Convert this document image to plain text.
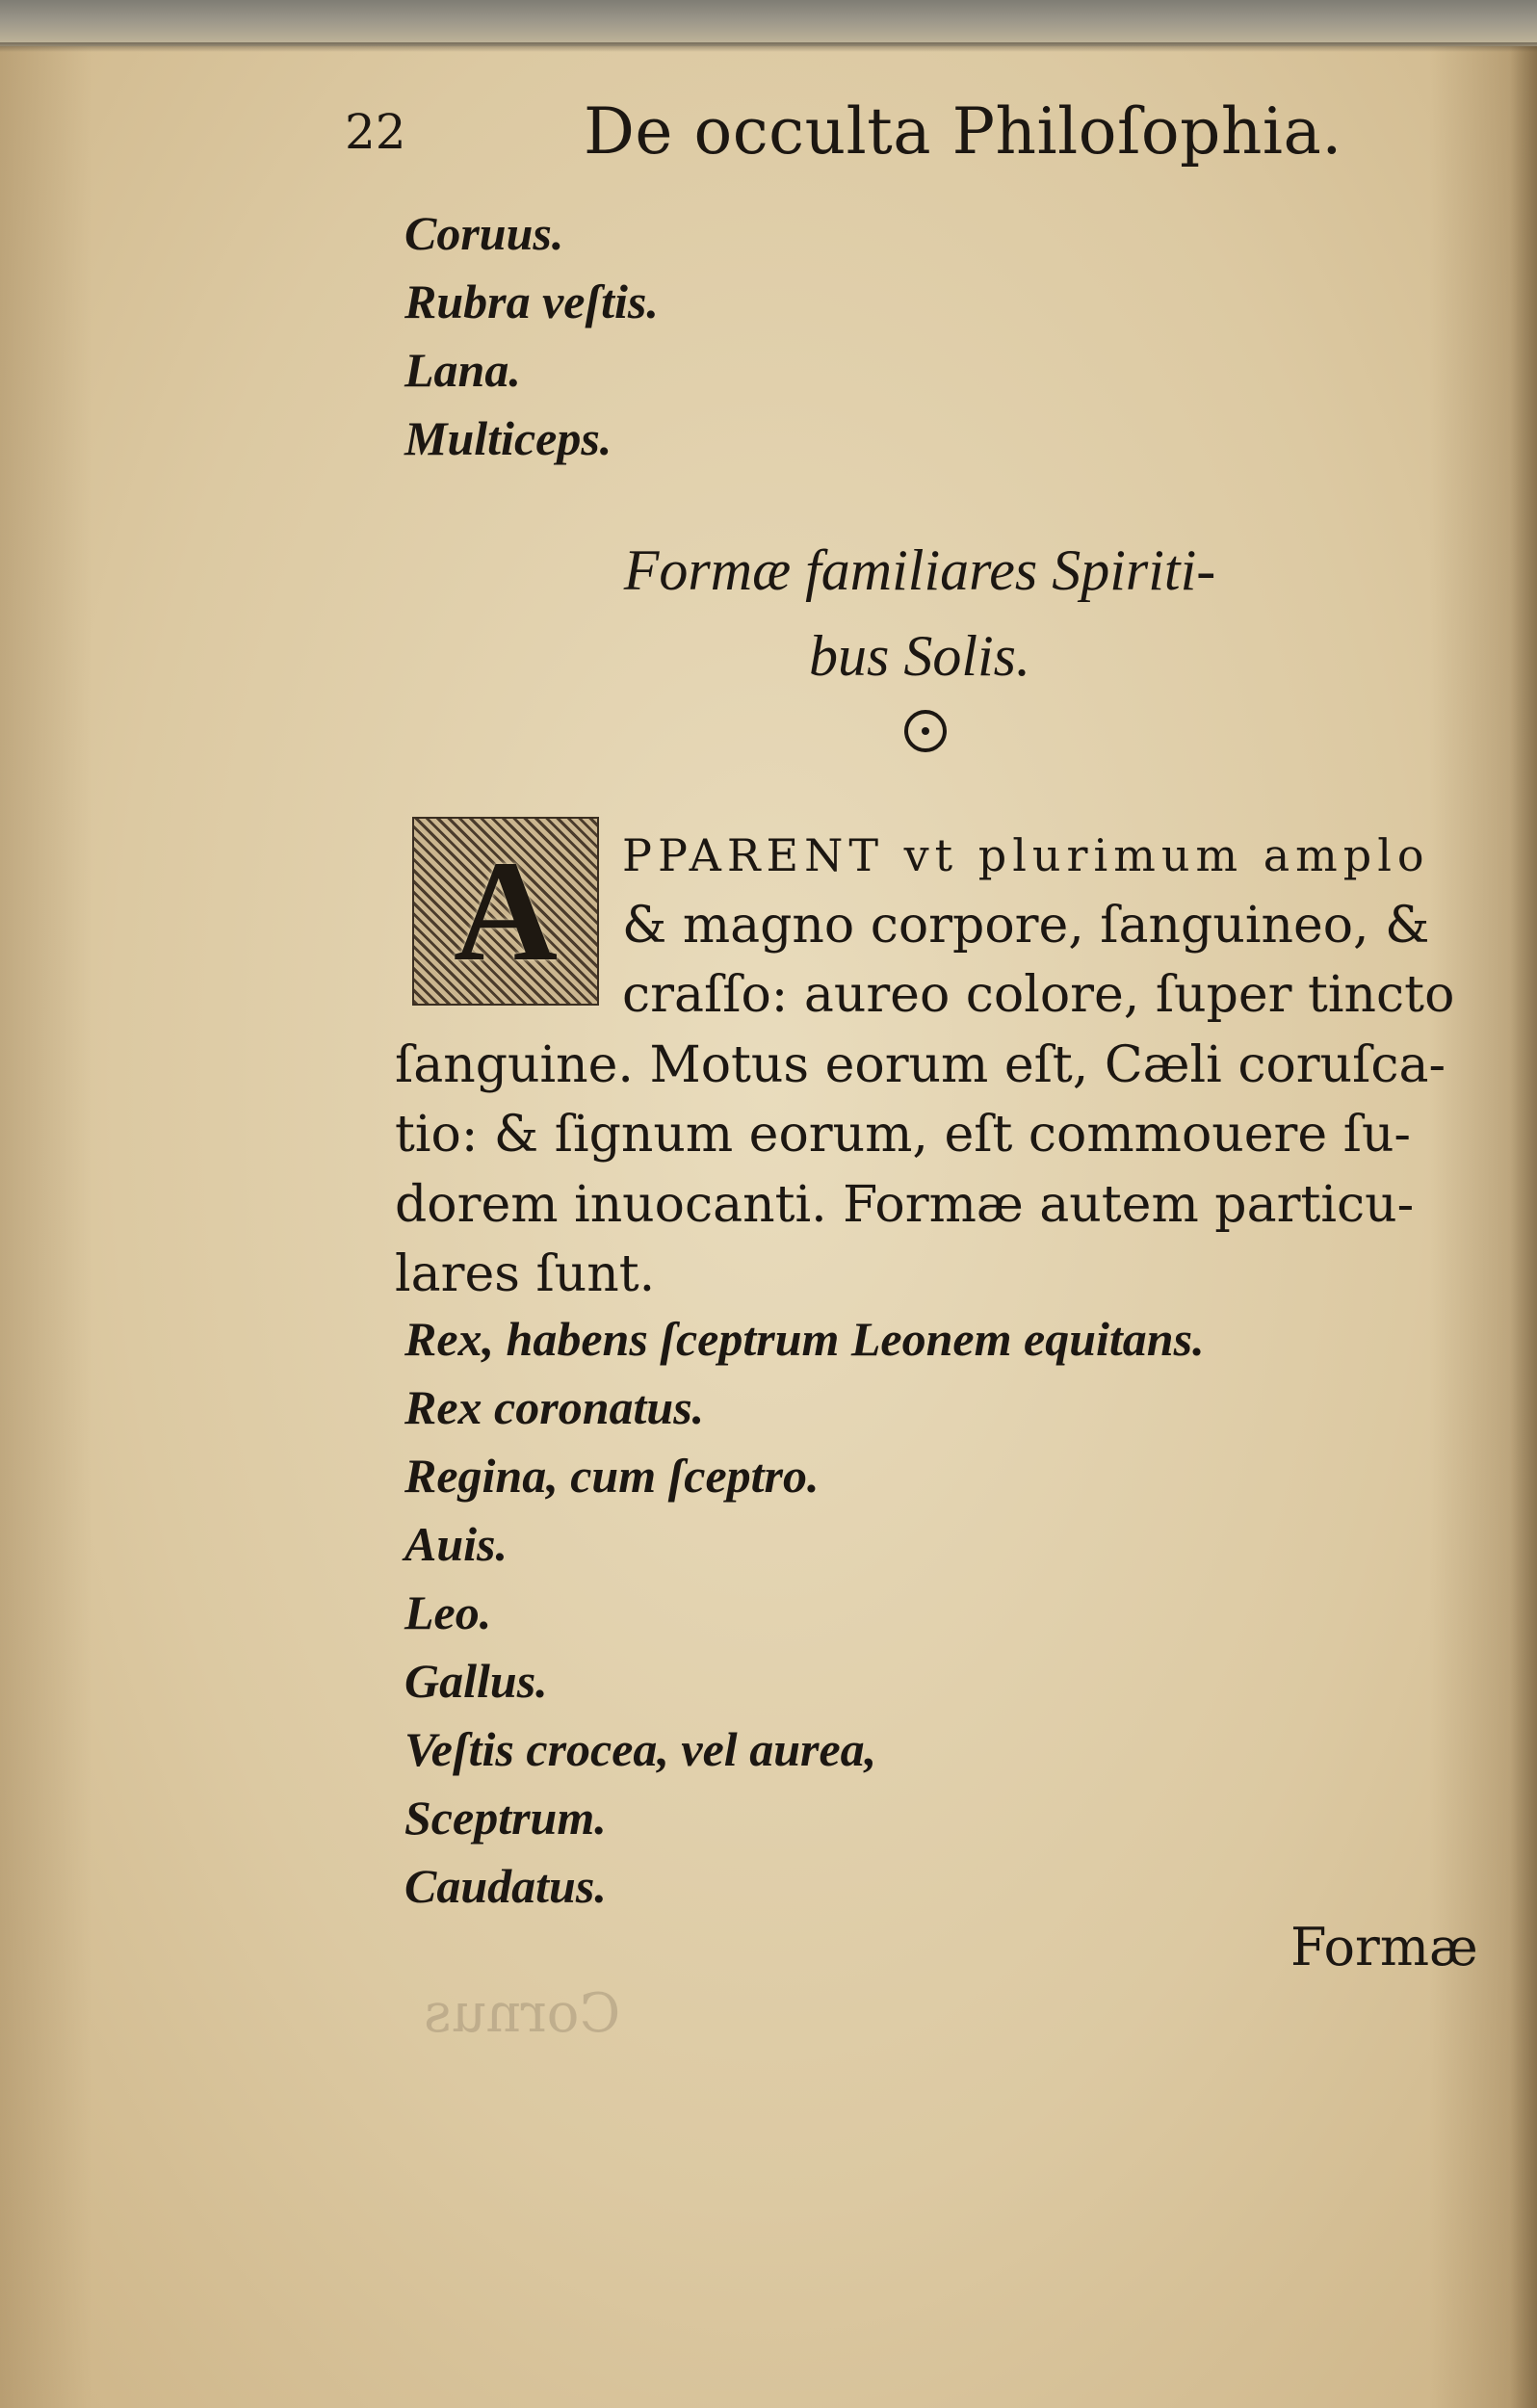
22	De occulta Philoſophia.
Coruus.
Rubra veſtis.
Lana.
Multiceps.
Formæ familiares Spiriti-
bus Solis.
A	PPARENT vt plurimum amplo
& magno corpore, ſanguineo, &
craſſo: aureo colore, ſuper tincto
ſanguine. Motus eorum eſt, Cæli coruſca-
tio: & ſignum eorum, eſt commouere ſu-
dorem inuocanti. Formæ autem particu-
lares ſunt.
Rex, habens ſceptrum Leonem equitans.
Rex coronatus.
Regina, cum ſceptro.
Auis.
Leo.
Gallus.
Veſtis crocea, vel aurea,
Sceptrum.
Caudatus.
Formæ
Cornus
